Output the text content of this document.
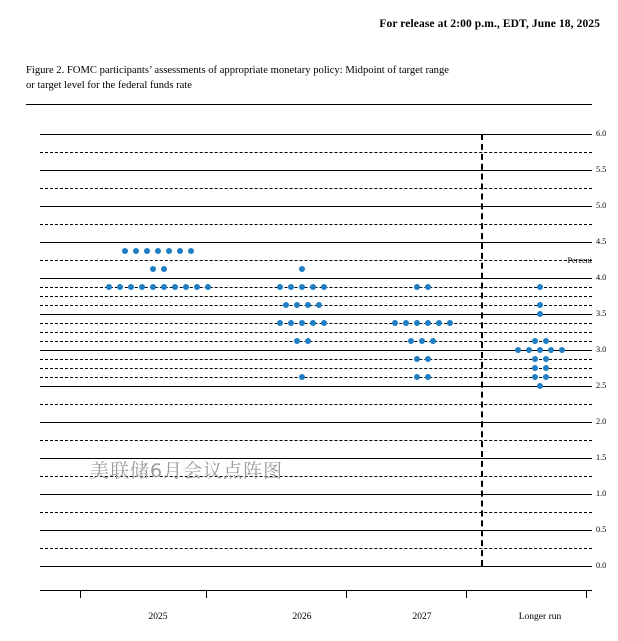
For release at 2:00 p.m., EDT, June 18, 2025
Figure 2. FOMC participants’ assessments of appropriate monetary policy: Midpoint of target range
or target level for the federal funds rate
Percent
6.0
5.5
5.0
4.5
4.0
3.5
3.0
2.5
2.0
1.5
1.0
0.5
0.0
美联储6月会议点阵图
2025	2026	2027	Longer run
